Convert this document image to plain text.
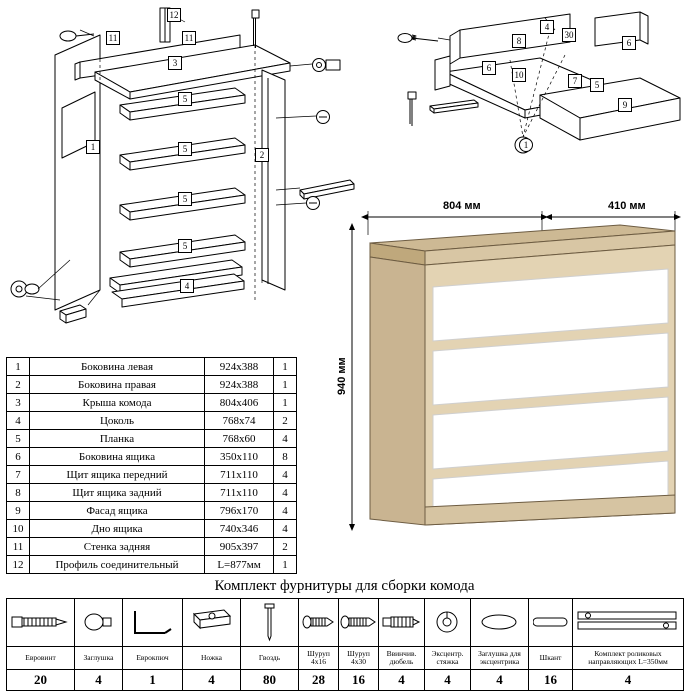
12
11	11
3
1
5
5
5
5
2
4
4
30
8	6
6
10
7	5
9
1
1	Боковина левая	924х388	1
2	Боковина правая	924х388	1
3	Крыша комода	804х406	1
4	Цоколь	768х74	2
5	Планка	768х60	4
6	Боковина ящика	350х110	8
7	Щит ящика передний	711х110	4
8	Щит ящика задний	711х110	4
9	Фасад ящика	796х170	4
10	Дно ящика	740х346	4
11	Стенка задняя	905х397	2
12	Профиль соединительный	L=877мм	1
804 мм	410 мм
940 мм
Комплект фурнитуры для сборки комода

Евровинт	Заглушка	Еврокпюч	Ножка	Гвоздь	Шуруп 4х16	Шуруп 4х30	Ввинчив. дюбель	Эксцентр. стяжка	Заглушка для эксцентрика	Шкант	Комплект роликовых направляющих L=350мм
20	4	1	4	80	28	16	4	4	4	16	4
